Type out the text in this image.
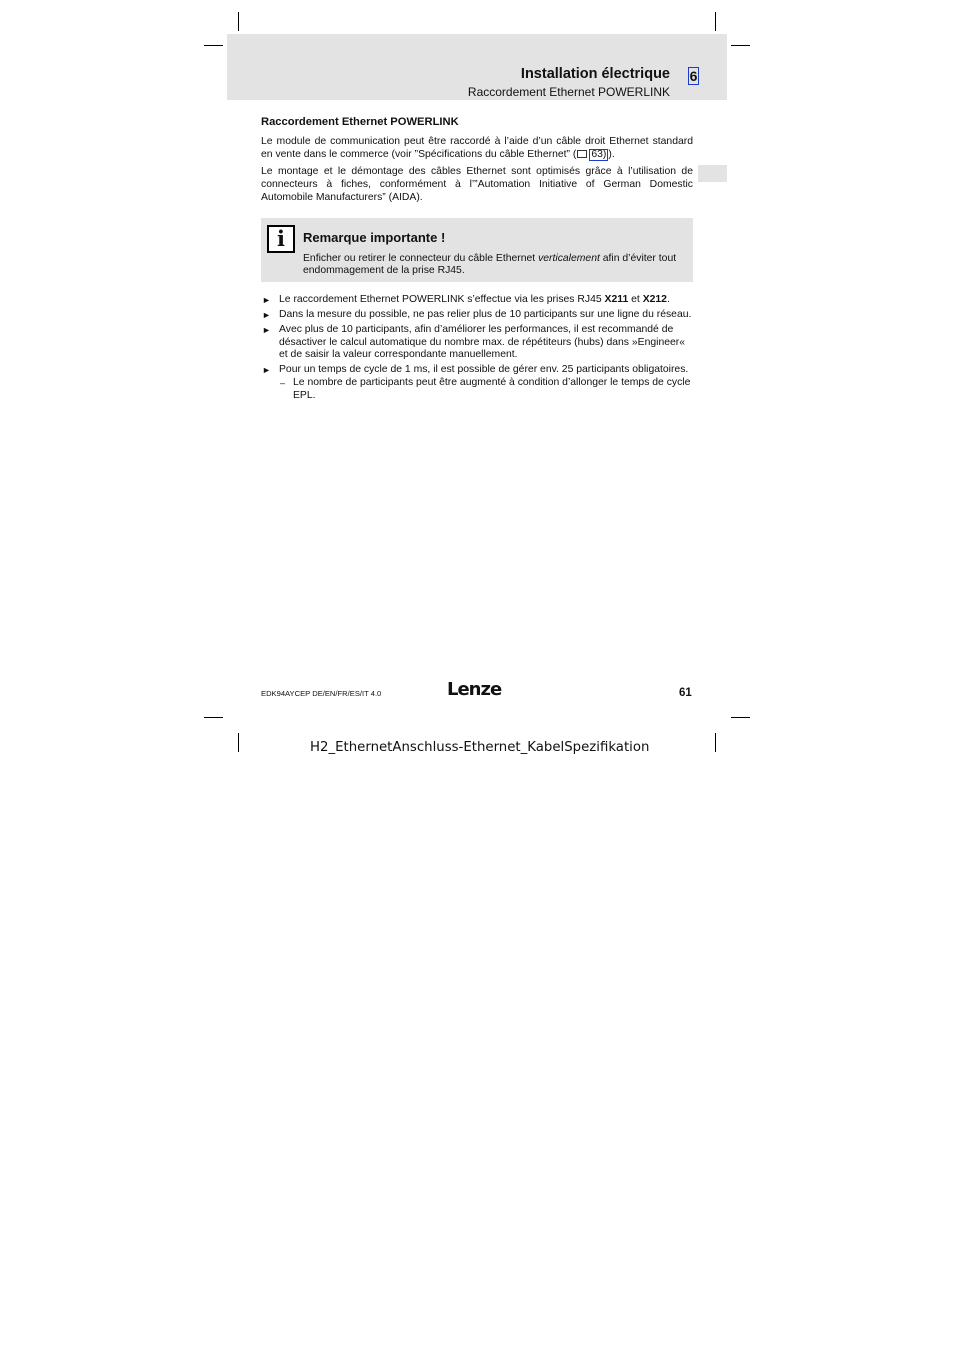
Installation électrique 6
Raccordement Ethernet POWERLINK
Raccordement Ethernet POWERLINK

Le module de communication peut être raccordé à l’aide d’un câble droit Ethernet standard en vente dans le commerce (voir ”Spécifications du câble Ethernet” ( 63) ).

Le montage et le démontage des câbles Ethernet sont optimisés grâce à l’utilisation de connecteurs à fiches, conformément à l’”Automation Initiative of German Domestic Automobile Manufacturers” (AIDA).

i	Remarque importante !

Enficher ou retirer le connecteur du câble Ethernet verticalement afin d’éviter tout endommagement de la prise RJ45.

► Le raccordement Ethernet POWERLINK s’effectue via les prises RJ45 X211 et X212.
► Dans la mesure du possible, ne pas relier plus de 10 participants sur une ligne du réseau.
► Avec plus de 10 participants, afin d’améliorer les performances, il est recommandé de désactiver le calcul automatique du nombre max. de répétiteurs (hubs) dans »Engineer« et de saisir la valeur correspondante manuellement.
► Pour un temps de cycle de 1 ms, il est possible de gérer env. 25 participants obligatoires.
– Le nombre de participants peut être augmenté à condition d’allonger le temps de cycle EPL.
EDK94AYCEP DE/EN/FR/ES/IT 4.0	Lenze	61
H2_EthernetAnschluss-Ethernet_KabelSpezifikation
